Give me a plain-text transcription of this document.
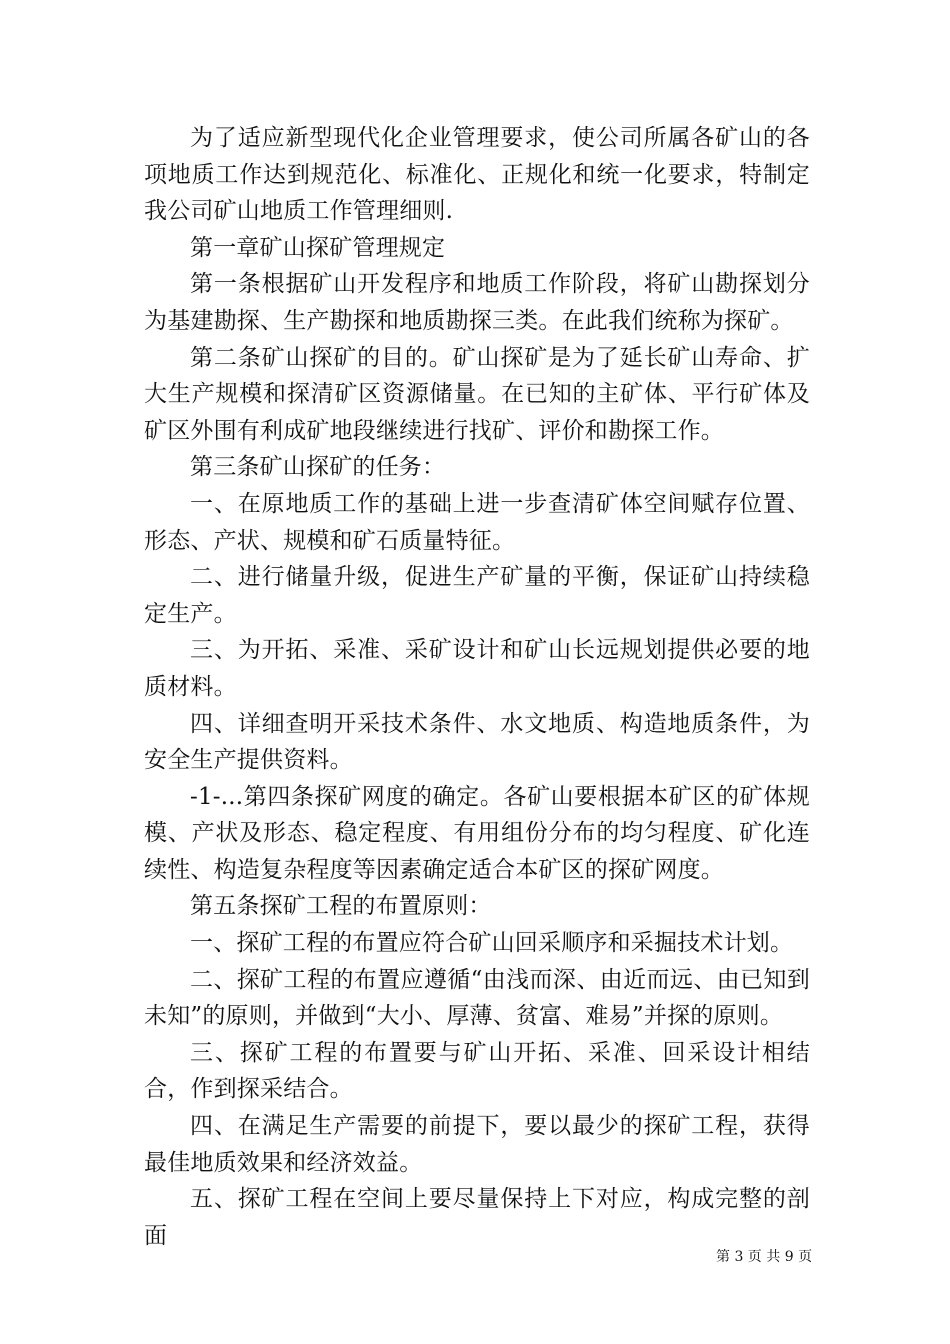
为了适应新型现代化企业管理要求，使公司所属各矿山的各项地质工作达到规范化、标准化、正规化和统一化要求，特制定我公司矿山地质工作管理细则.

第一章矿山探矿管理规定

第一条根据矿山开发程序和地质工作阶段，将矿山勘探划分为基建勘探、生产勘探和地质勘探三类。在此我们统称为探矿。

第二条矿山探矿的目的。矿山探矿是为了延长矿山寿命、扩大生产规模和探清矿区资源储量。在已知的主矿体、平行矿体及矿区外围有利成矿地段继续进行找矿、评价和勘探工作。

第三条矿山探矿的任务：

一、在原地质工作的基础上进一步查清矿体空间赋存位置、形态、产状、规模和矿石质量特征。

二、进行储量升级，促进生产矿量的平衡，保证矿山持续稳定生产。

三、为开拓、采准、采矿设计和矿山长远规划提供必要的地质材料。

四、详细查明开采技术条件、水文地质、构造地质条件，为安全生产提供资料。

-1-...第四条探矿网度的确定。各矿山要根据本矿区的矿体规模、产状及形态、稳定程度、有用组份分布的均匀程度、矿化连续性、构造复杂程度等因素确定适合本矿区的探矿网度。

第五条探矿工程的布置原则：

一、探矿工程的布置应符合矿山回采顺序和采掘技术计划。

二、探矿工程的布置应遵循“由浅而深、由近而远、由已知到未知”的原则，并做到“大小、厚薄、贫富、难易”并探的原则。

三、探矿工程的布置要与矿山开拓、采准、回采设计相结合，作到探采结合。

四、在满足生产需要的前提下，要以最少的探矿工程，获得最佳地质效果和经济效益。

五、探矿工程在空间上要尽量保持上下对应，构成完整的剖面

第 3 页 共 9 页
